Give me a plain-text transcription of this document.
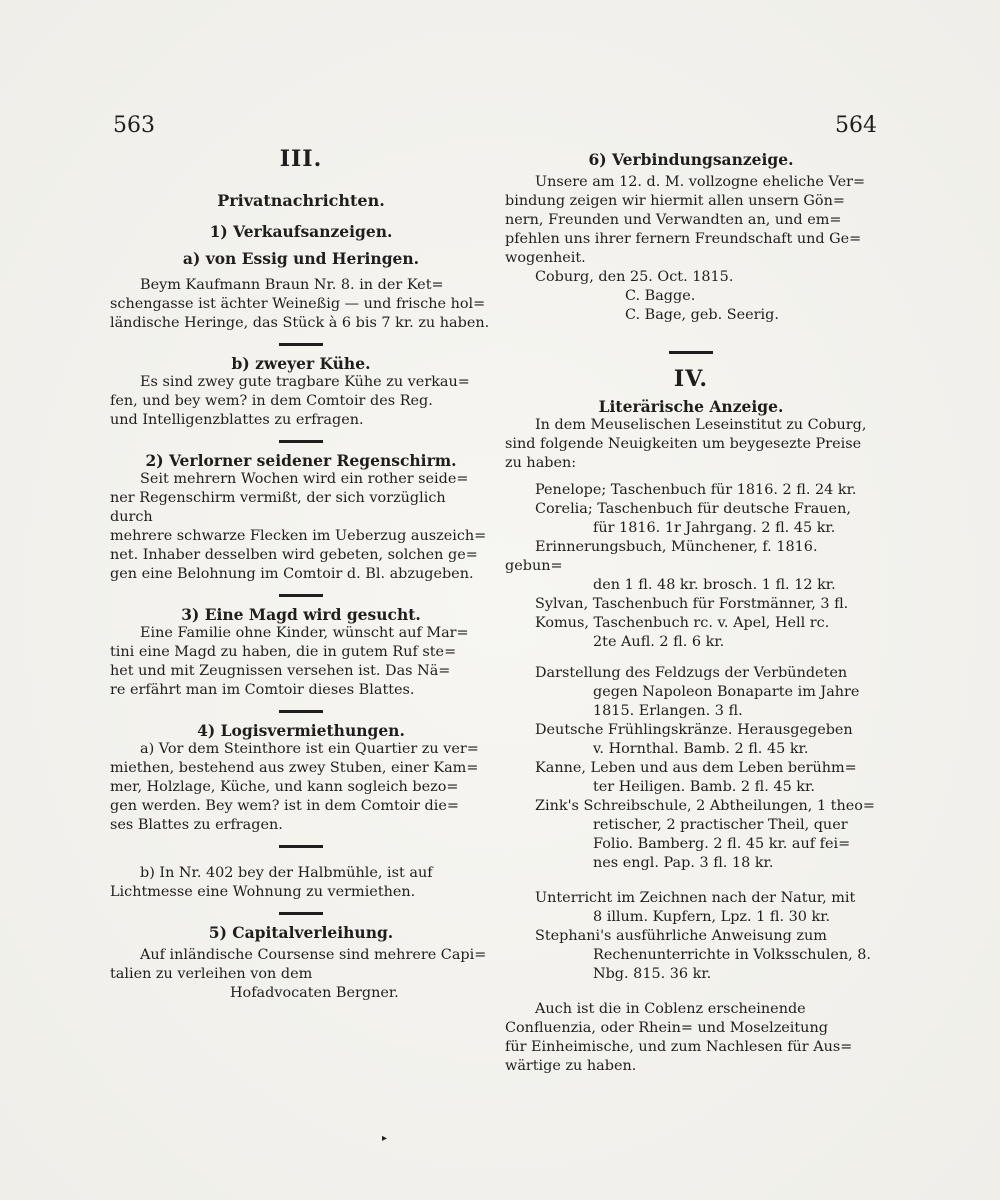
563	564

III.

Privatnachrichten.

1) Verkaufsanzeigen.

a) von Essig und Heringen.

Beym Kaufmann Braun Nr. 8. in der Ket=

schengasse ist ächter Weineßig — und frische hol=

ländische Heringe, das Stück à 6 bis 7 kr. zu haben.

b) zweyer Kühe.

Es sind zwey gute tragbare Kühe zu verkau=

fen, und bey wem? in dem Comtoir des Reg.

und Intelligenzblattes zu erfragen.

2) Verlorner seidener Regenschirm.

Seit mehrern Wochen wird ein rother seide=

ner Regenschirm vermißt, der sich vorzüglich durch

mehrere schwarze Flecken im Ueberzug auszeich=

net. Inhaber desselben wird gebeten, solchen ge=

gen eine Belohnung im Comtoir d. Bl. abzugeben.

3) Eine Magd wird gesucht.

Eine Familie ohne Kinder, wünscht auf Mar=

tini eine Magd zu haben, die in gutem Ruf ste=

het und mit Zeugnissen versehen ist. Das Nä=

re erfährt man im Comtoir dieses Blattes.

4) Logisvermiethungen.

a) Vor dem Steinthore ist ein Quartier zu ver=

miethen, bestehend aus zwey Stuben, einer Kam=

mer, Holzlage, Küche, und kann sogleich bezo=

gen werden. Bey wem? ist in dem Comtoir die=

ses Blattes zu erfragen.

b) In Nr. 402 bey der Halbmühle, ist auf

Lichtmesse eine Wohnung zu vermiethen.

5) Capitalverleihung.

Auf inländische Coursense sind mehrere Capi=

talien zu verleihen von dem

Hofadvocaten Bergner.

6) Verbindungsanzeige.

Unsere am 12. d. M. vollzogne eheliche Ver=

bindung zeigen wir hiermit allen unsern Gön=

nern, Freunden und Verwandten an, und em=

pfehlen uns ihrer fernern Freundschaft und Ge=

wogenheit.

Coburg, den 25. Oct. 1815.

C. Bagge.

C. Bage, geb. Seerig.

IV.

Literärische Anzeige.

In dem Meuselischen Leseinstitut zu Coburg,

sind folgende Neuigkeiten um beygesezte Preise

zu haben:

Penelope; Taschenbuch für 1816. 2 fl. 24 kr.

Corelia; Taschenbuch für deutsche Frauen,

für 1816. 1r Jahrgang. 2 fl. 45 kr.

Erinnerungsbuch, Münchener, f. 1816. gebun=

den 1 fl. 48 kr. brosch. 1 fl. 12 kr.

Sylvan, Taschenbuch für Forstmänner, 3 fl.

Komus, Taschenbuch rc. v. Apel, Hell rc.

2te Aufl. 2 fl. 6 kr.

Darstellung des Feldzugs der Verbündeten

gegen Napoleon Bonaparte im Jahre

1815. Erlangen. 3 fl.

Deutsche Frühlingskränze. Herausgegeben

v. Hornthal. Bamb. 2 fl. 45 kr.

Kanne, Leben und aus dem Leben berühm=

ter Heiligen. Bamb. 2 fl. 45 kr.

Zink's Schreibschule, 2 Abtheilungen, 1 theo=

retischer, 2 practischer Theil, quer

Folio. Bamberg. 2 fl. 45 kr. auf fei=

nes engl. Pap. 3 fl. 18 kr.

Unterricht im Zeichnen nach der Natur, mit

8 illum. Kupfern, Lpz. 1 fl. 30 kr.

Stephani's ausführliche Anweisung zum

Rechenunterrichte in Volksschulen, 8.

Nbg. 815. 36 kr.

Auch ist die in Coblenz erscheinende

Confluenzia, oder Rhein= und Moselzeitung

für Einheimische, und zum Nachlesen für Aus=

wärtige zu haben.

▸
